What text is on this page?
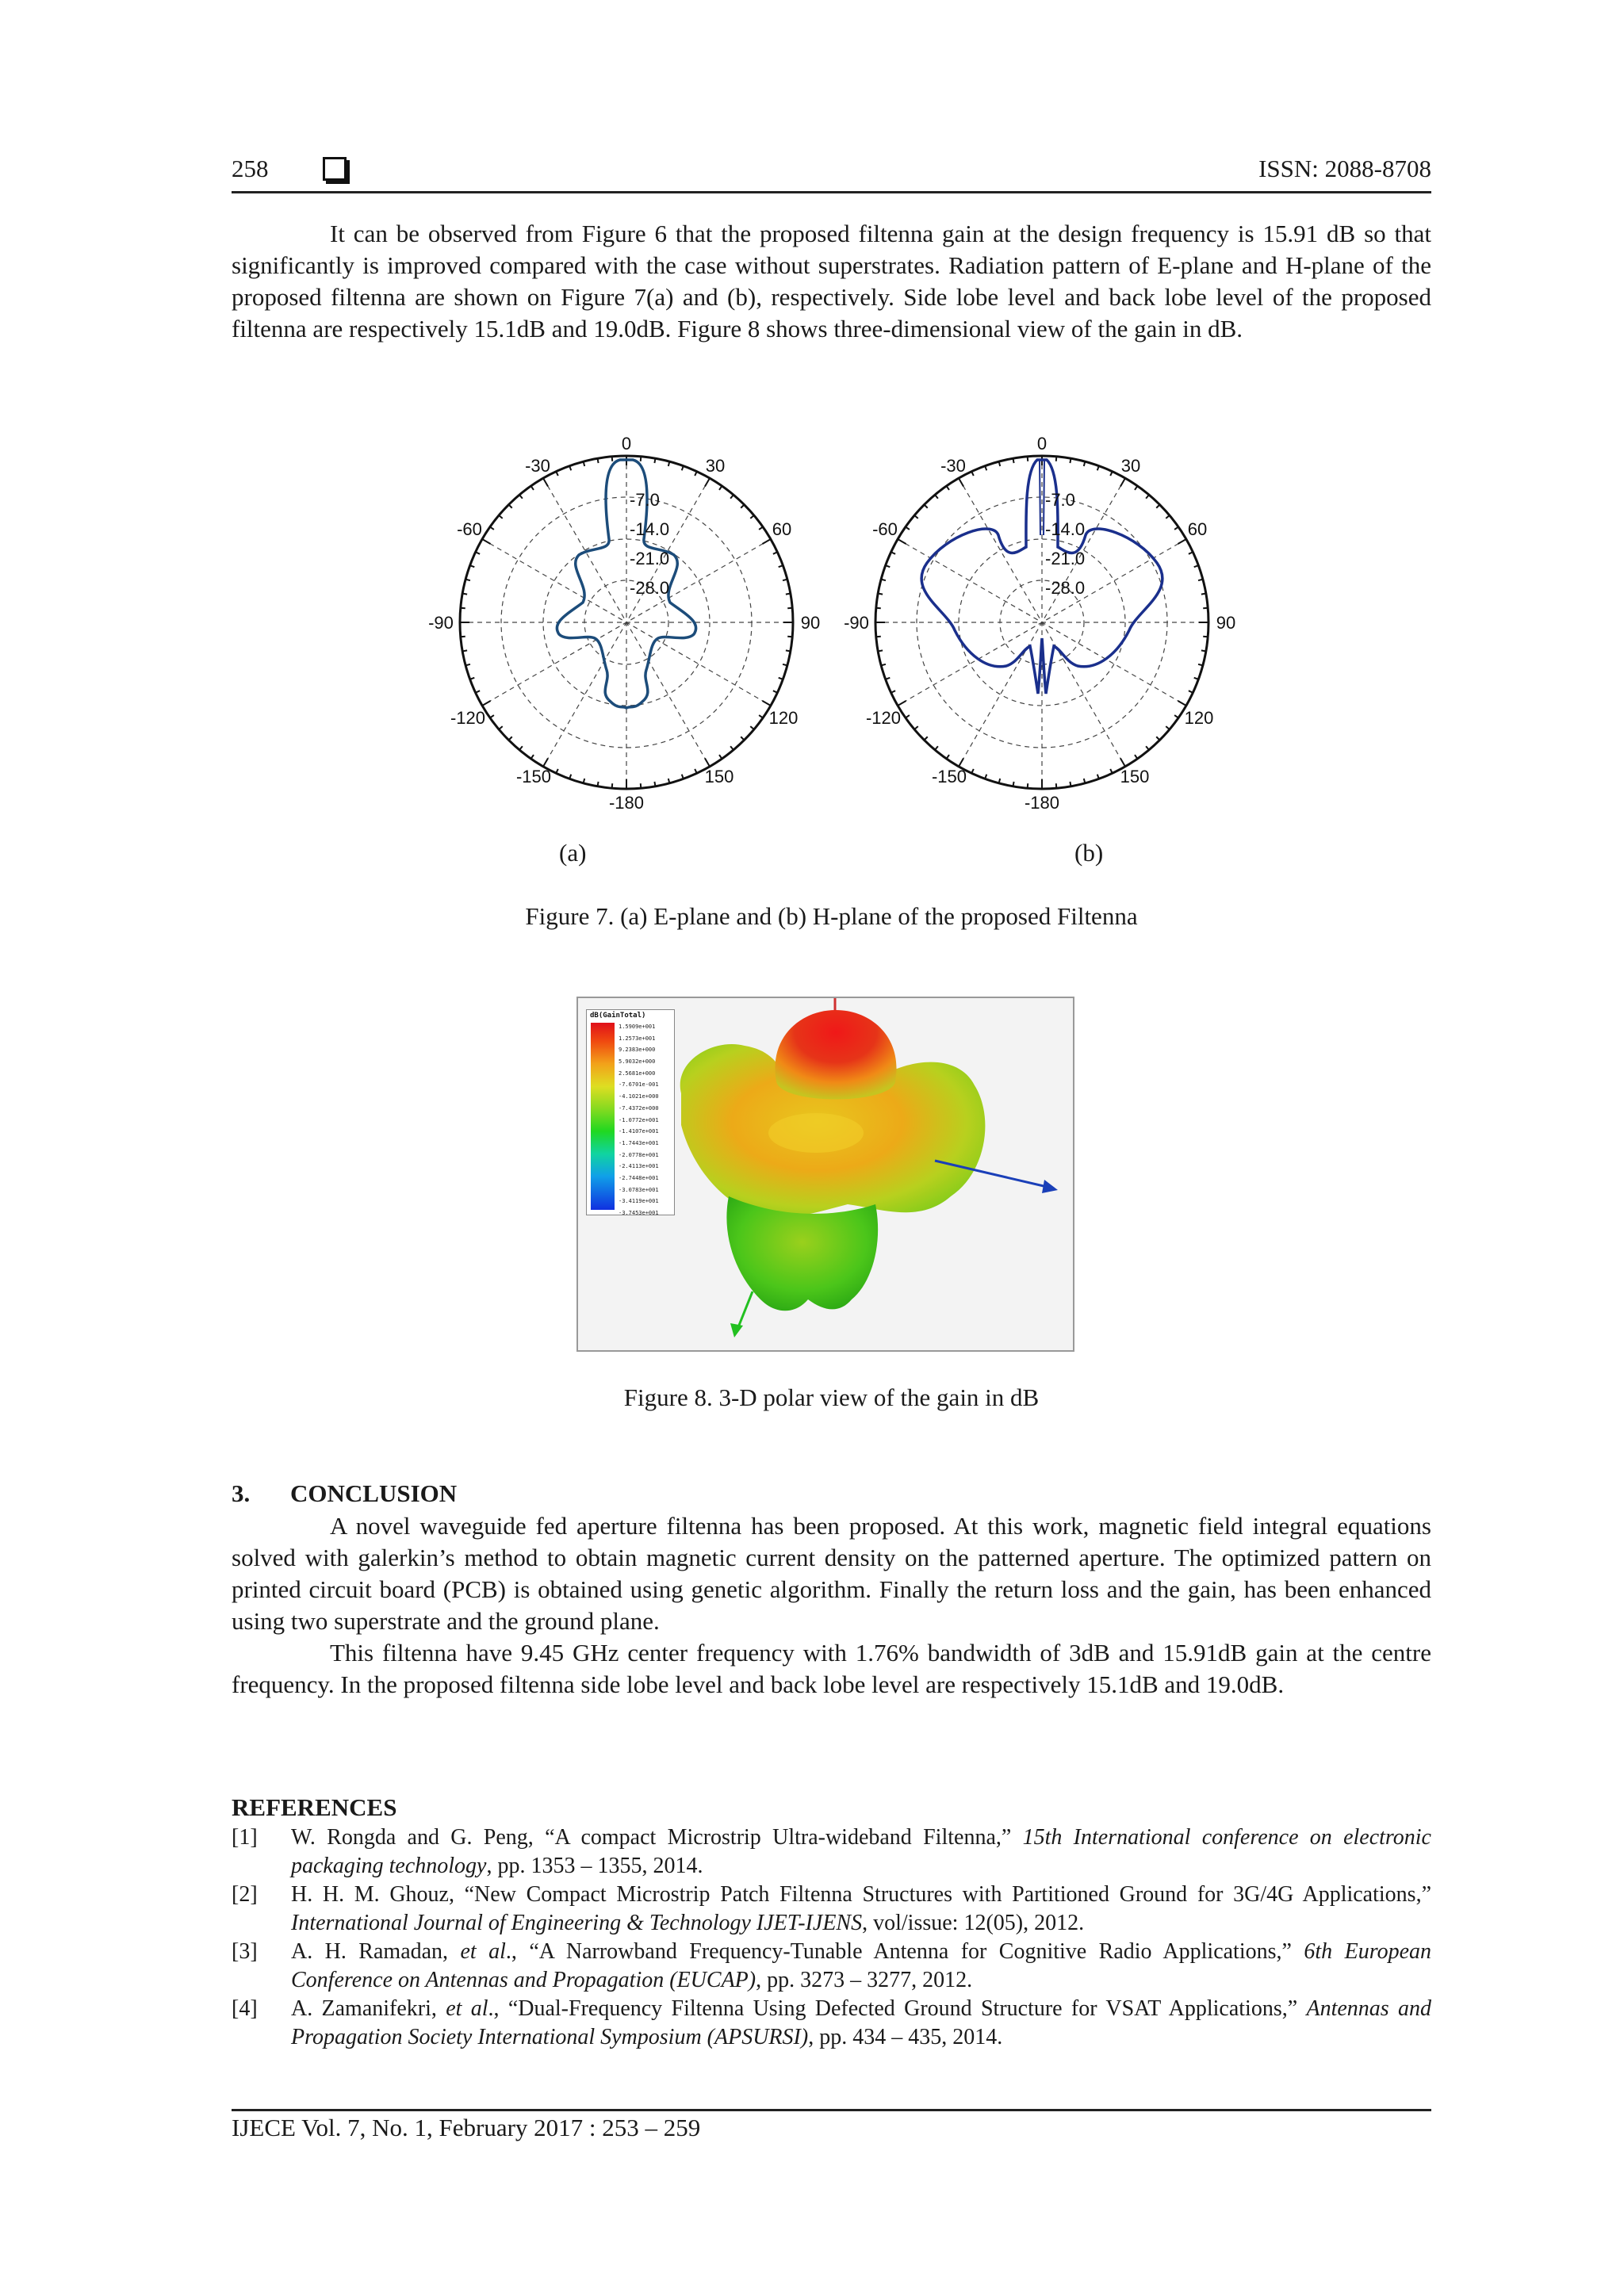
258	ISSN: 2088-8708

It can be observed from Figure 6 that the proposed filtenna gain at the design frequency is 15.91 dB so that significantly is improved compared with the case without superstrates. Radiation pattern of E-plane and H-plane of the proposed filtenna are shown on Figure 7(a) and (b), respectively. Side lobe level and back lobe level of the proposed filtenna are respectively 15.1dB and 19.0dB. Figure 8 shows three-dimensional view of the gain in dB.

0
30
60
90
120
150
-180
-150
-120
-90
-60
-30
-7.0
-14.0
-21.0
-28.0
0
30
60
90
120
150
-180
-150
-120
-90
-60
-30
-7.0
-14.0
-21.0
-28.0
(a)	(b)
Figure 7. (a) E-plane and (b) H-plane of the proposed Filtenna
dB(GainTotal)
1.5909e+001
1.2573e+001
9.2383e+000
5.9032e+000
2.5681e+000
-7.6701e-001
-4.1021e+000
-7.4372e+000
-1.0772e+001
-1.4107e+001
-1.7443e+001
-2.0778e+001
-2.4113e+001
-2.7448e+001
-3.0783e+001
-3.4119e+001
-3.7453e+001
Figure 8. 3-D polar view of the gain in dB
3. CONCLUSION

A novel waveguide fed aperture filtenna has been proposed. At this work, magnetic field integral equations solved with galerkin’s method to obtain magnetic current density on the patterned aperture. The optimized pattern on printed circuit board (PCB) is obtained using genetic algorithm. Finally the return loss and the gain, has been enhanced using two superstrate and the ground plane.

This filtenna have 9.45 GHz center frequency with 1.76% bandwidth of 3dB and 15.91dB gain at the centre frequency. In the proposed filtenna side lobe level and back lobe level are respectively 15.1dB and 19.0dB.

REFERENCES
[1] W. Rongda and G. Peng, “A compact Microstrip Ultra-wideband Filtenna,” 15th International conference on electronic packaging technology, pp. 1353 – 1355, 2014.
[2] H. H. M. Ghouz, “New Compact Microstrip Patch Filtenna Structures with Partitioned Ground for 3G/4G Applications,” International Journal of Engineering & Technology IJET-IJENS, vol/issue: 12(05), 2012.
[3] A. H. Ramadan, et al., “A Narrowband Frequency-Tunable Antenna for Cognitive Radio Applications,” 6th European Conference on Antennas and Propagation (EUCAP), pp. 3273 – 3277, 2012.
[4] A. Zamanifekri, et al., “Dual-Frequency Filtenna Using Defected Ground Structure for VSAT Applications,” Antennas and Propagation Society International Symposium (APSURSI), pp. 434 – 435, 2014.
IJECE Vol. 7, No. 1, February 2017 : 253 – 259
